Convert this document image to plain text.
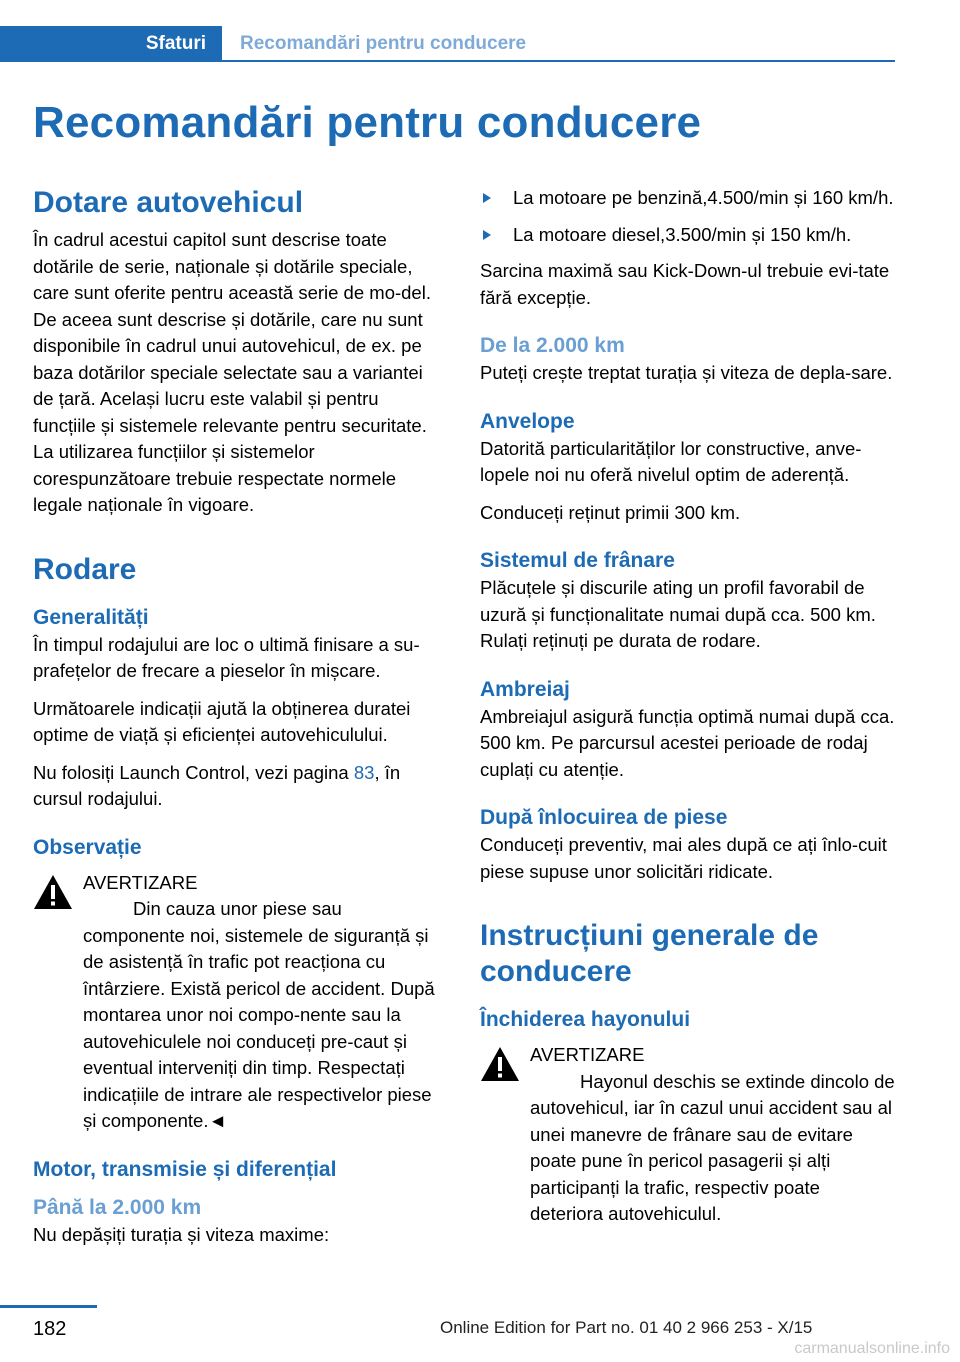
Sfaturi	Recomandări pentru conducere
Recomandări pentru conducere
Dotare autovehicul

În cadrul acestui capitol sunt descrise toate dotările de serie, naționale și dotările speciale, care sunt oferite pentru această serie de mo-del. De aceea sunt descrise și dotările, care nu sunt disponibile în cadrul unui autovehicul, de ex. pe baza dotărilor speciale selectate sau a variantei de țară. Același lucru este valabil și pentru funcțiile și sistemele relevante pentru securitate. La utilizarea funcțiilor și sistemelor corespunzătoare trebuie respectate normele legale naționale în vigoare.

Rodare
Generalități

În timpul rodajului are loc o ultimă finisare a su-prafețelor de frecare a pieselor în mișcare.

Următoarele indicații ajută la obținerea duratei optime de viață și eficienței autovehiculului.

Nu folosiți Launch Control, vezi pagina 83, în cursul rodajului.

Observație
AVERTIZARE

Din cauza unor piese sau componente noi, sistemele de siguranță și de asistență în trafic pot reacționa cu întârziere. Există pericol de accident. După montarea unor noi compo-nente sau la autovehiculele noi conduceți pre-caut și eventual interveniți din timp. Respectați indicațiile de intrare ale respectivelor piese și componente.◄

Motor, transmisie și diferențial
Până la 2.000 km

Nu depășiți turația și viteza maxime:

La motoare pe benzină,4.500/min și 160 km/h.
La motoare diesel,3.500/min și 150 km/h.

Sarcina maximă sau Kick-Down-ul trebuie evi-tate fără excepție.

De la 2.000 km

Puteți crește treptat turația și viteza de depla-sare.

Anvelope

Datorită particularităților lor constructive, anve-lopele noi nu oferă nivelul optim de aderență.

Conduceți reținut primii 300 km.

Sistemul de frânare

Plăcuțele și discurile ating un profil favorabil de uzură și funcționalitate numai după cca. 500 km. Rulați reținuți pe durata de rodare.

Ambreiaj

Ambreiajul asigură funcția optimă numai după cca. 500 km. Pe parcursul acestei perioade de rodaj cuplați cu atenție.

După înlocuirea de piese

Conduceți preventiv, mai ales după ce ați înlo-cuit piese supuse unor solicitări ridicate.

Instrucțiuni generale de conducere
Închiderea hayonului
AVERTIZARE

Hayonul deschis se extinde dincolo de autovehicul, iar în cazul unui accident sau al unei manevre de frânare sau de evitare poate pune în pericol pasagerii și alți participanți la trafic, respectiv poate deteriora autovehiculul.

182	Online Edition for Part no. 01 40 2 966 253 - X/15
carmanualsonline.info
